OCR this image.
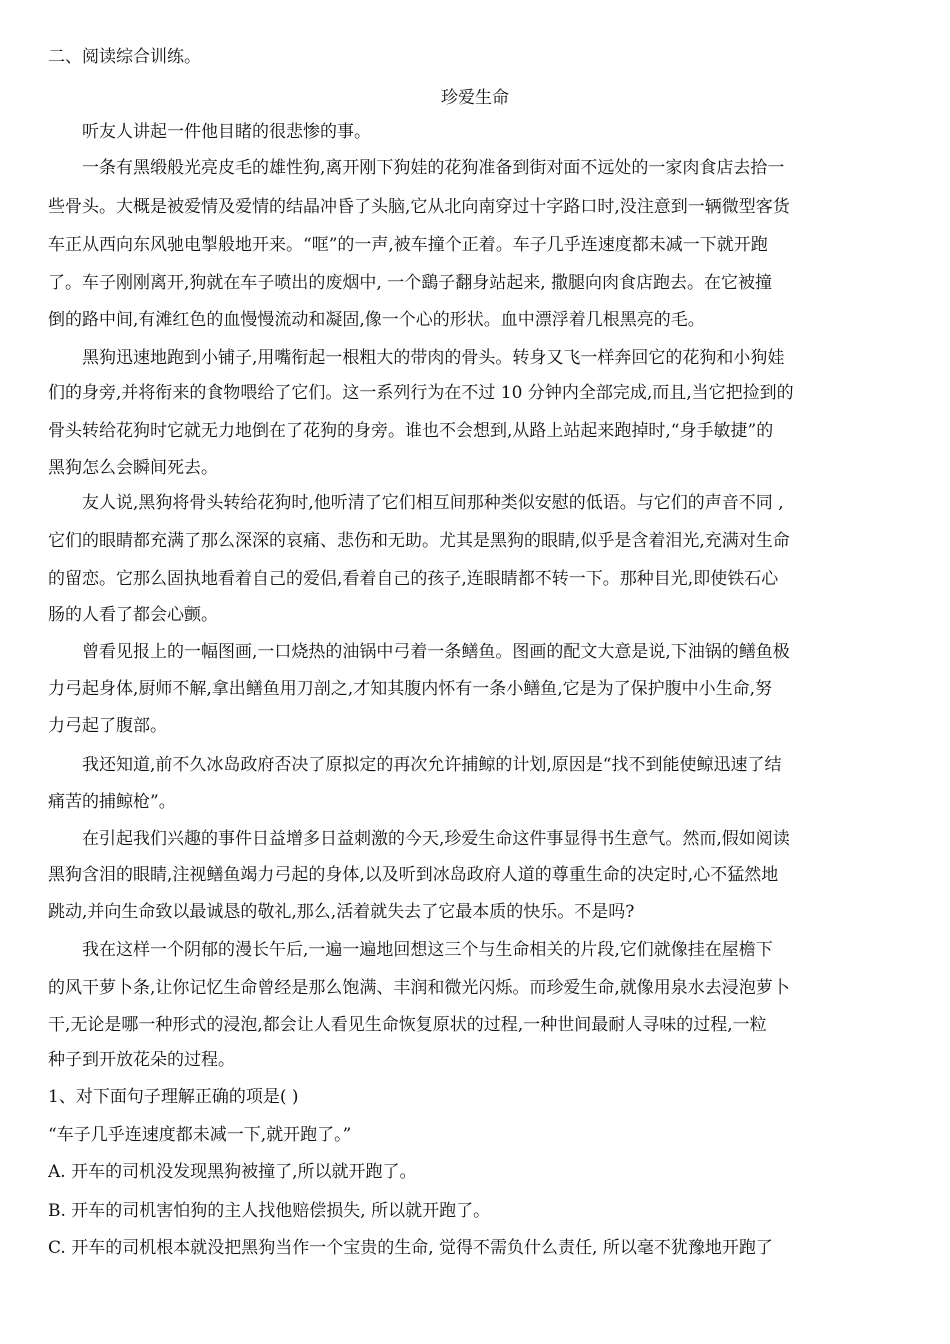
二、阅读综合训练。
珍爱生命
听友人讲起一件他目睹的很悲惨的事。
一条有黑缎般光亮皮毛的雄性狗,离开刚下狗娃的花狗准备到街对面不远处的一家肉食店去拾一
些骨头。大概是被爱情及爱情的结晶冲昏了头脑,它从北向南穿过十字路口时,没注意到一辆微型客货
车正从西向东风驰电掣般地开来。“哐”的一声,被车撞个正着。车子几乎连速度都未减一下就开跑
了。车子刚刚离开,狗就在车子喷出的废烟中, 一个鷂子翻身站起来, 撒腿向肉食店跑去。在它被撞
倒的路中间,有滩红色的血慢慢流动和凝固,像一个心的形状。血中漂浮着几根黑亮的毛。
黑狗迅速地跑到小铺子,用嘴衔起一根粗大的带肉的骨头。转身又飞一样奔回它的花狗和小狗娃
们的身旁,并将衔来的食物喂给了它们。这一系列行为在不过 10 分钟内全部完成,而且,当它把捡到的
骨头转给花狗时它就无力地倒在了花狗的身旁。谁也不会想到,从路上站起来跑掉时,“身手敏捷”的
黑狗怎么会瞬间死去。
友人说,黑狗将骨头转给花狗时,他听清了它们相互间那种类似安慰的低语。与它们的声音不同 ,
它们的眼睛都充满了那么深深的哀痛、悲伤和无助。尤其是黑狗的眼睛,似乎是含着泪光,充满对生命
的留恋。它那么固执地看着自己的爱侣,看着自己的孩子,连眼睛都不转一下。那种目光,即使铁石心
肠的人看了都会心颤。
曾看见报上的一幅图画,一口烧热的油锅中弓着一条鳝鱼。图画的配文大意是说,下油锅的鳝鱼极
力弓起身体,厨师不解,拿出鳝鱼用刀剖之,才知其腹内怀有一条小鳝鱼,它是为了保护腹中小生命,努
力弓起了腹部。
我还知道,前不久冰岛政府否决了原拟定的再次允许捕鲸的计划,原因是“找不到能使鲸迅速了结
痛苦的捕鲸枪”。
在引起我们兴趣的事件日益增多日益刺激的今天,珍爱生命这件事显得书生意气。然而,假如阅读
黑狗含泪的眼睛,注视鳝鱼竭力弓起的身体,以及听到冰岛政府人道的尊重生命的决定时,心不猛然地
跳动,并向生命致以最诚恳的敬礼,那么,活着就失去了它最本质的快乐。不是吗?
我在这样一个阴郁的漫长午后,一遍一遍地回想这三个与生命相关的片段,它们就像挂在屋檐下
的风干萝卜条,让你记忆生命曾经是那么饱满、丰润和微光闪烁。而珍爱生命,就像用泉水去浸泡萝卜
干,无论是哪一种形式的浸泡,都会让人看见生命恢复原状的过程,一种世间最耐人寻味的过程,一粒
种子到开放花朵的过程。
1、对下面句子理解正确的项是( )
“车子几乎连速度都未减一下,就开跑了。”
A. 开车的司机没发现黑狗被撞了,所以就开跑了。
B. 开车的司机害怕狗的主人找他赔偿损失, 所以就开跑了。
C. 开车的司机根本就没把黑狗当作一个宝贵的生命, 觉得不需负什么责任, 所以毫不犹豫地开跑了
